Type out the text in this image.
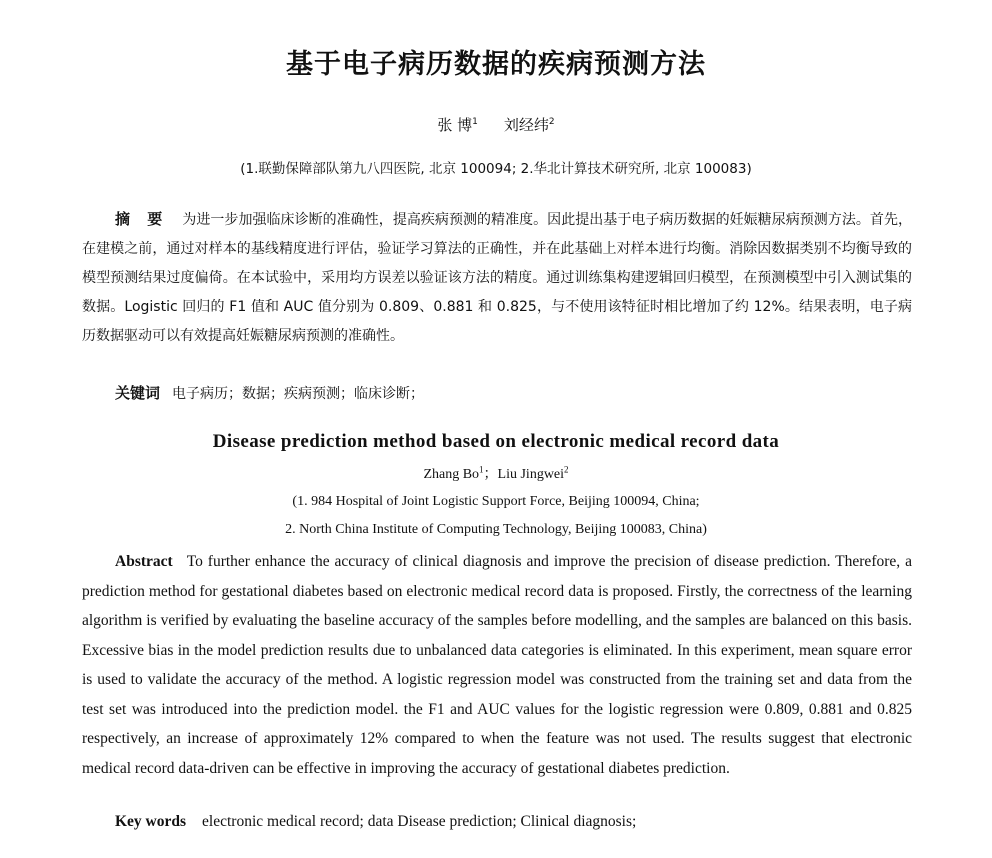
基于电子病历数据的疾病预测方法
张 博$^1$ 刘经纬$^2$
(1.联勤保障部队第九八四医院, 北京 100094; 2.华北计算技术研究所, 北京 100083)

摘 要 为进一步加强临床诊断的准确性，提高疾病预测的精准度。因此提出基于电子病历数据的妊娠糖尿病预测方法。首先，在建模之前，通过对样本的基线精度进行评估，验证学习算法的正确性，并在此基础上对样本进行均衡。消除因数据类别不均衡导致的模型预测结果过度偏倚。在本试验中，采用均方误差以验证该方法的精度。通过训练集构建逻辑回归模型，在预测模型中引入测试集的数据。Logistic 回归的 F1 值和 AUC 值分别为 0.809、0.881 和 0.825，与不使用该特征时相比增加了约 12%。结果表明，电子病历数据驱动可以有效提高妊娠糖尿病预测的准确性。

关键词 电子病历；数据；疾病预测；临床诊断；
Disease prediction method based on electronic medical record data
Zhang Bo$^1$；Liu Jingwei$^2$
(1. 984 Hospital of Joint Logistic Support Force, Beijing 100094, China;
2. North China Institute of Computing Technology, Beijing 100083, China)

Abstract To further enhance the accuracy of clinical diagnosis and improve the precision of disease prediction. Therefore, a prediction method for gestational diabetes based on electronic medical record data is proposed. Firstly, the correctness of the learning algorithm is verified by evaluating the baseline accuracy of the samples before modelling, and the samples are balanced on this basis. Excessive bias in the model prediction results due to unbalanced data categories is eliminated. In this experiment, mean square error is used to validate the accuracy of the method. A logistic regression model was constructed from the training set and data from the test set was introduced into the prediction model. the F1 and AUC values for the logistic regression were 0.809, 0.881 and 0.825 respectively, an increase of approximately 12% compared to when the feature was not used. The results suggest that electronic medical record data-driven can be effective in improving the accuracy of gestational diabetes prediction.

Key words electronic medical record; data Disease prediction; Clinical diagnosis;
